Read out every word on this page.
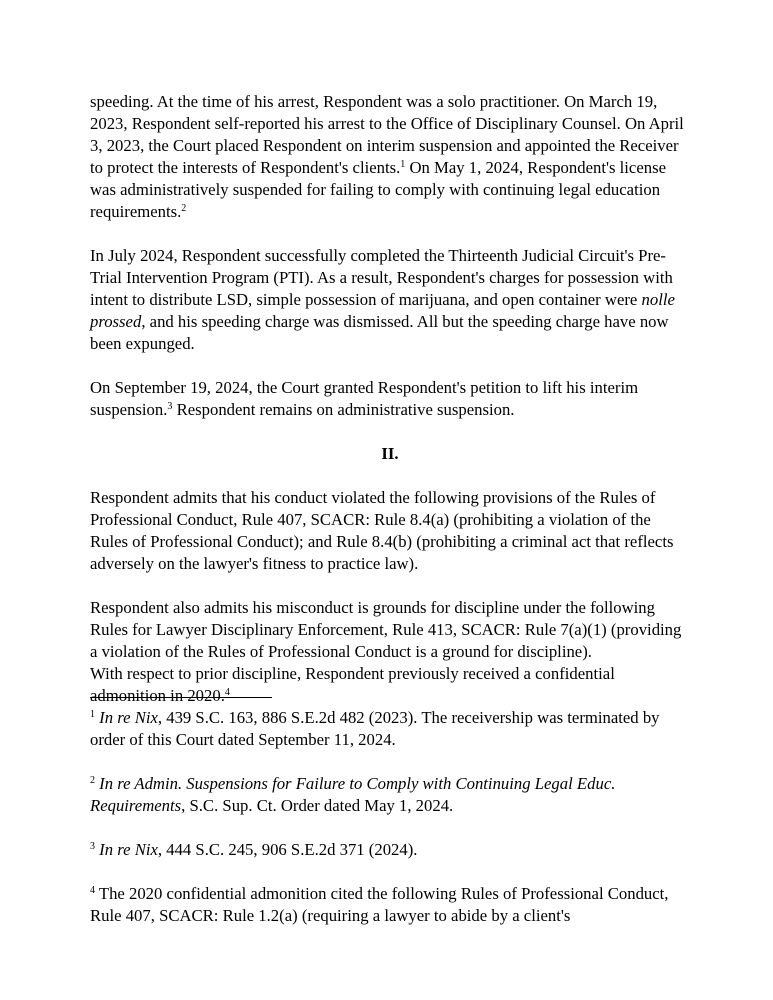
speeding. At the time of his arrest, Respondent was a solo practitioner. On March 19, 2023, Respondent self-reported his arrest to the Office of Disciplinary Counsel. On April 3, 2023, the Court placed Respondent on interim suspension and appointed the Receiver to protect the interests of Respondent's clients.$^1$ On May 1, 2024, Respondent's license was administratively suspended for failing to comply with continuing legal education requirements.$^2$

In July 2024, Respondent successfully completed the Thirteenth Judicial Circuit's Pre-Trial Intervention Program (PTI). As a result, Respondent's charges for possession with intent to distribute LSD, simple possession of marijuana, and open container were nolle prossed, and his speeding charge was dismissed. All but the speeding charge have now been expunged.

On September 19, 2024, the Court granted Respondent's petition to lift his interim suspension.$^3$ Respondent remains on administrative suspension.

II.

Respondent admits that his conduct violated the following provisions of the Rules of Professional Conduct, Rule 407, SCACR: Rule 8.4(a) (prohibiting a violation of the Rules of Professional Conduct); and Rule 8.4(b) (prohibiting a criminal act that reflects adversely on the lawyer's fitness to practice law).

Respondent also admits his misconduct is grounds for discipline under the following Rules for Lawyer Disciplinary Enforcement, Rule 413, SCACR: Rule 7(a)(1) (providing a violation of the Rules of Professional Conduct is a ground for discipline).

With respect to prior discipline, Respondent previously received a confidential admonition in 2020.$^4$

$^1$ In re Nix, 439 S.C. 163, 886 S.E.2d 482 (2023). The receivership was terminated by order of this Court dated September 11, 2024.

$^2$ In re Admin. Suspensions for Failure to Comply with Continuing Legal Educ. Requirements, S.C. Sup. Ct. Order dated May 1, 2024.

$^3$ In re Nix, 444 S.C. 245, 906 S.E.2d 371 (2024).

$^4$ The 2020 confidential admonition cited the following Rules of Professional Conduct, Rule 407, SCACR: Rule 1.2(a) (requiring a lawyer to abide by a client's
